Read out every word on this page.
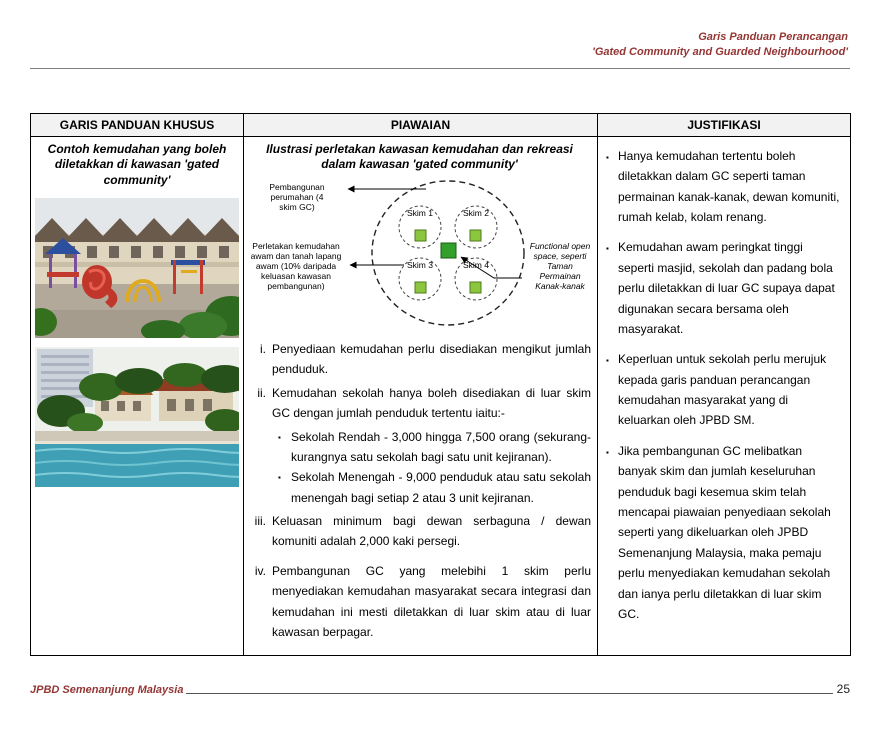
Garis Panduan Perancangan
'Gated Community and Guarded Neighbourhood'
GARIS PANDUAN KHUSUS	PIAWAIAN	JUSTIFIKASI

Contoh kemudahan yang boleh diletakkan di kawasan 'gated community'

Ilustrasi perletakan kawasan kemudahan dan rekreasi dalam kawasan 'gated community'
Pembangunan perumahan (4 skim GC)
Perletakan kemudahan awam dan tanah lapang awam (10% daripada keluasan kawasan pembangunan)
Functional open space, seperti Taman Permainan Kanak-kanak
Skim 1	Skim 2
Skim 3	Skim 4
i. Penyediaan kemudahan perlu disediakan mengikut jumlah penduduk.
ii. Kemudahan sekolah hanya boleh disediakan di luar skim GC dengan jumlah penduduk tertentu iaitu:-
▪ Sekolah Rendah - 3,000 hingga 7,500 orang (sekurang-kurangnya satu sekolah bagi satu unit kejiranan).
▪ Sekolah Menengah - 9,000 penduduk atau satu sekolah menengah bagi setiap 2 atau 3 unit kejiranan.
iii. Keluasan minimum bagi dewan serbaguna / dewan komuniti adalah 2,000 kaki persegi.
iv. Pembangunan GC yang melebihi 1 skim perlu menyediakan kemudahan masyarakat secara integrasi dan kemudahan ini mesti diletakkan di luar skim atau di luar kawasan berpagar.

▪ Hanya kemudahan tertentu boleh diletakkan dalam GC seperti taman permainan kanak-kanak, dewan komuniti, rumah kelab, kolam renang.
▪ Kemudahan awam peringkat tinggi seperti masjid, sekolah dan padang bola perlu diletakkan di luar GC supaya dapat digunakan secara bersama oleh masyarakat.
▪ Keperluan untuk sekolah perlu merujuk kepada garis panduan perancangan kemudahan masyarakat yang di keluarkan oleh JPBD SM.
▪ Jika pembangunan GC melibatkan banyak skim dan jumlah keseluruhan penduduk bagi kesemua skim telah mencapai piawaian penyediaan sekolah seperti yang dikeluarkan oleh JPBD Semenanjung Malaysia, maka pemaju perlu menyediakan kemudahan sekolah dan ianya perlu diletakkan di luar skim GC.
JPBD Semenanjung Malaysia	25
